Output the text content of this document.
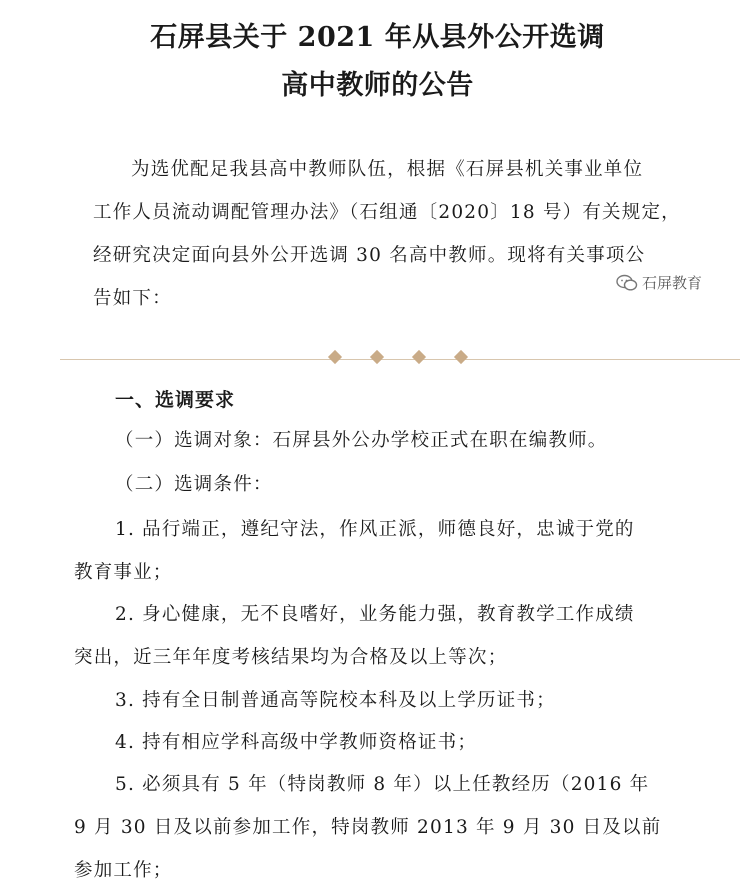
石屏县关于 2021 年从县外公开选调
高中教师的公告
为选优配足我县高中教师队伍，根据《石屏县机关事业单位
工作人员流动调配管理办法》（石组通〔2020〕18 号）有关规定，
经研究决定面向县外公开选调 30 名高中教师。现将有关事项公
告如下：
石屏教育
一、选调要求
（一）选调对象：石屏县外公办学校正式在职在编教师。
（二）选调条件：
1. 品行端正，遵纪守法，作风正派，师德良好，忠诚于党的
教育事业；
2. 身心健康，无不良嗜好，业务能力强，教育教学工作成绩
突出，近三年年度考核结果均为合格及以上等次；
3. 持有全日制普通高等院校本科及以上学历证书；
4. 持有相应学科高级中学教师资格证书；
5. 必须具有 5 年（特岗教师 8 年）以上任教经历（2016 年
9 月 30 日及以前参加工作，特岗教师 2013 年 9 月 30 日及以前
参加工作；
